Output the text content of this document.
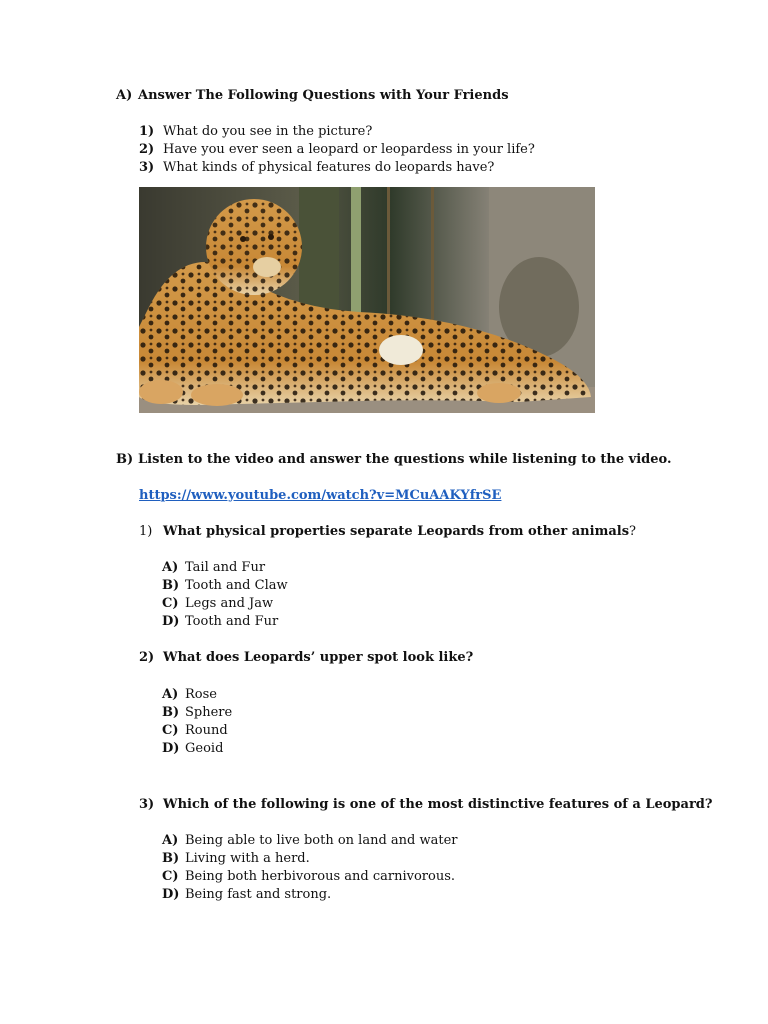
A) Answer The Following Questions with Your Friends
1) What do you see in the picture?
2) Have you ever seen a leopard or leopardess in your life?
3) What kinds of physical features do leopards have?
B) Listen to the video and answer the questions while listening to the video.
https://www.youtube.com/watch?v=MCuAAKYfrSE
1) What physical properties separate Leopards from other animals?
A) Tail and Fur
B) Tooth and Claw
C) Legs and Jaw
D) Tooth and Fur
2) What does Leopards’ upper spot look like?
A) Rose
B) Sphere
C) Round
D) Geoid
3) Which of the following is one of the most distinctive features of a Leopard?
A) Being able to live both on land and water
B) Living with a herd.
C) Being both herbivorous and carnivorous.
D) Being fast and strong.
